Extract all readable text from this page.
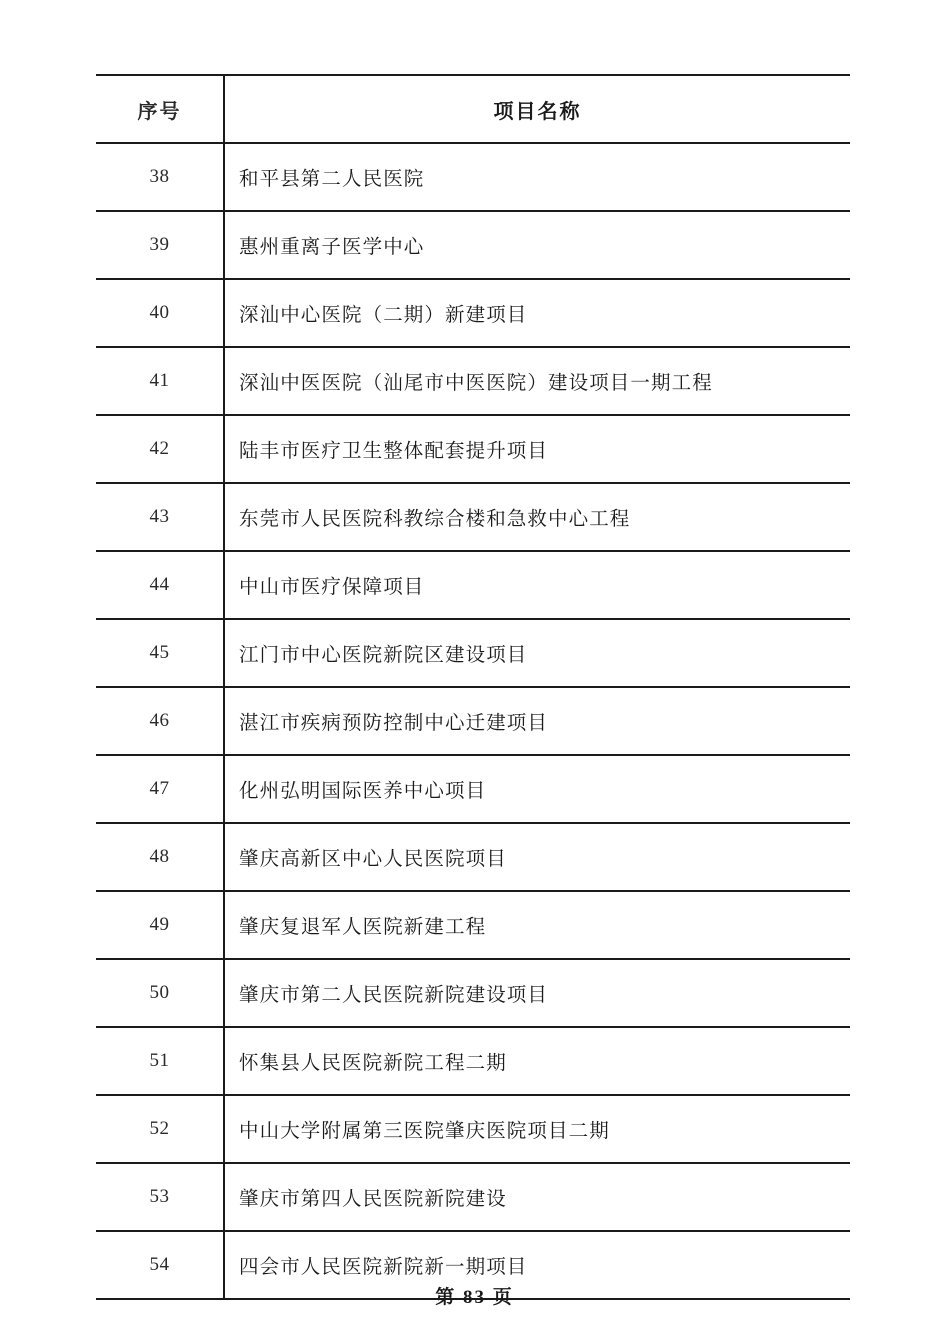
序号	项目名称
38	和平县第二人民医院
39	惠州重离子医学中心
40	深汕中心医院（二期）新建项目
41	深汕中医医院（汕尾市中医医院）建设项目一期工程
42	陆丰市医疗卫生整体配套提升项目
43	东莞市人民医院科教综合楼和急救中心工程
44	中山市医疗保障项目
45	江门市中心医院新院区建设项目
46	湛江市疾病预防控制中心迁建项目
47	化州弘明国际医养中心项目
48	肇庆高新区中心人民医院项目
49	肇庆复退军人医院新建工程
50	肇庆市第二人民医院新院建设项目
51	怀集县人民医院新院工程二期
52	中山大学附属第三医院肇庆医院项目二期
53	肇庆市第四人民医院新院建设
54	四会市人民医院新院新一期项目
第 83 页
